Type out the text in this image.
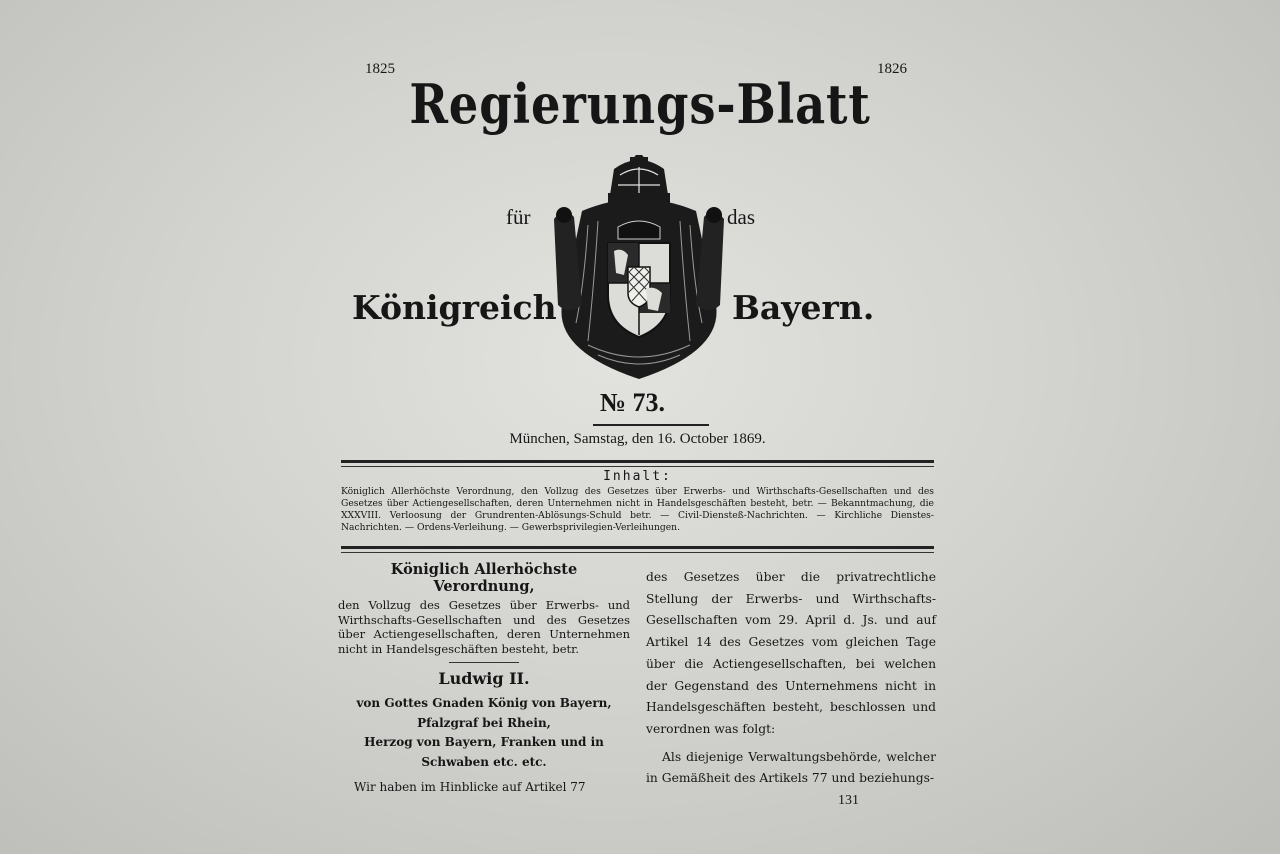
1825	1826

Regierungs-Blatt

für	das

Königreich	Bayern.

№ 73.

München, Samstag, den 16. October 1869.

Inhalt:

Königlich Allerhöchste Verordnung, den Vollzug des Gesetzes über Erwerbs- und Wirthschafts-Gesellschaften und des Gesetzes über Actiengesellschaften, deren Unternehmen nicht in Handelsgeschäften besteht, betr. — Bekanntmachung, die XXXVIII. Verloosung der Grundrenten-Ablösungs-Schuld betr. — Civil-Diensteß-Nachrichten. — Kirchliche Dienstes-Nachrichten. — Ordens-Verleihung. — Gewerbsprivilegien-Verleihungen.

Königlich Allerhöchste Verordnung,

den Vollzug des Gesetzes über Erwerbs- und Wirthschafts-Gesellschaften und des Gesetzes über Actiengesellschaften, deren Unternehmen nicht in Handelsgeschäften besteht, betr.

Ludwig II.

von Gottes Gnaden König von Bayern,

Pfalzgraf bei Rhein,

Herzog von Bayern, Franken und in

Schwaben etc. etc.

Wir haben im Hinblicke auf Artikel 77

des Gesetzes über die privatrechtliche Stellung der Erwerbs- und Wirthschafts-Gesellschaften vom 29. April d. Js. und auf Artikel 14 des Gesetzes vom gleichen Tage über die Actiengesellschaften, bei welchen der Gegenstand des Unternehmens nicht in Handelsgeschäften besteht, beschlossen und verordnen was folgt:

Als diejenige Verwaltungsbehörde, welcher in Gemäßheit des Artikels 77 und beziehungs-

131
